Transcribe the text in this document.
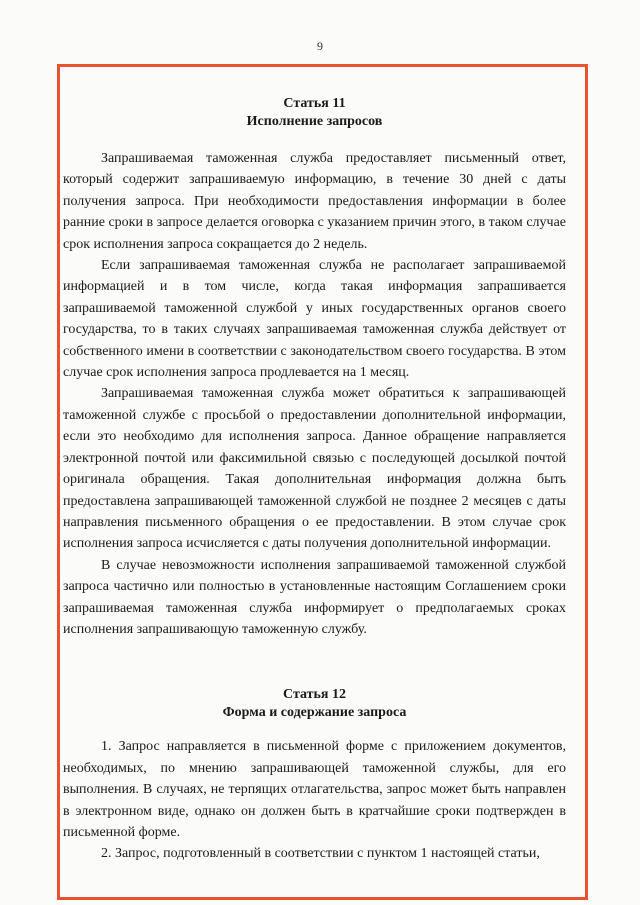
9
Статья 11
Исполнение запросов

Запрашиваемая таможенная служба предоставляет письменный ответ, который содержит запрашиваемую информацию, в течение 30 дней с даты получения запроса. При необходимости предоставления информации в более ранние сроки в запросе делается оговорка с указанием причин этого, в таком случае срок исполнения запроса сокращается до 2 недель.

Если запрашиваемая таможенная служба не располагает запрашиваемой информацией и в том числе, когда такая информация запрашивается запрашиваемой таможенной службой у иных государственных органов своего государства, то в таких случаях запрашиваемая таможенная служба действует от собственного имени в соответствии с законодательством своего государства. В этом случае срок исполнения запроса продлевается на 1 месяц.

Запрашиваемая таможенная служба может обратиться к запрашивающей таможенной службе с просьбой о предоставлении дополнительной информации, если это необходимо для исполнения запроса. Данное обращение направляется электронной почтой или факсимильной связью с последующей досылкой почтой оригинала обращения. Такая дополнительная информация должна быть предоставлена запрашивающей таможенной службой не позднее 2 месяцев с даты направления письменного обращения о ее предоставлении. В этом случае срок исполнения запроса исчисляется с даты получения дополнительной информации.

В случае невозможности исполнения запрашиваемой таможенной службой запроса частично или полностью в установленные настоящим Соглашением сроки запрашиваемая таможенная служба информирует о предполагаемых сроках исполнения запрашивающую таможенную службу.

Статья 12
Форма и содержание запроса

1. Запрос направляется в письменной форме с приложением документов, необходимых, по мнению запрашивающей таможенной службы, для его выполнения. В случаях, не терпящих отлагательства, запрос может быть направлен в электронном виде, однако он должен быть в кратчайшие сроки подтвержден в письменной форме.

2. Запрос, подготовленный в соответствии с пунктом 1 настоящей статьи,
